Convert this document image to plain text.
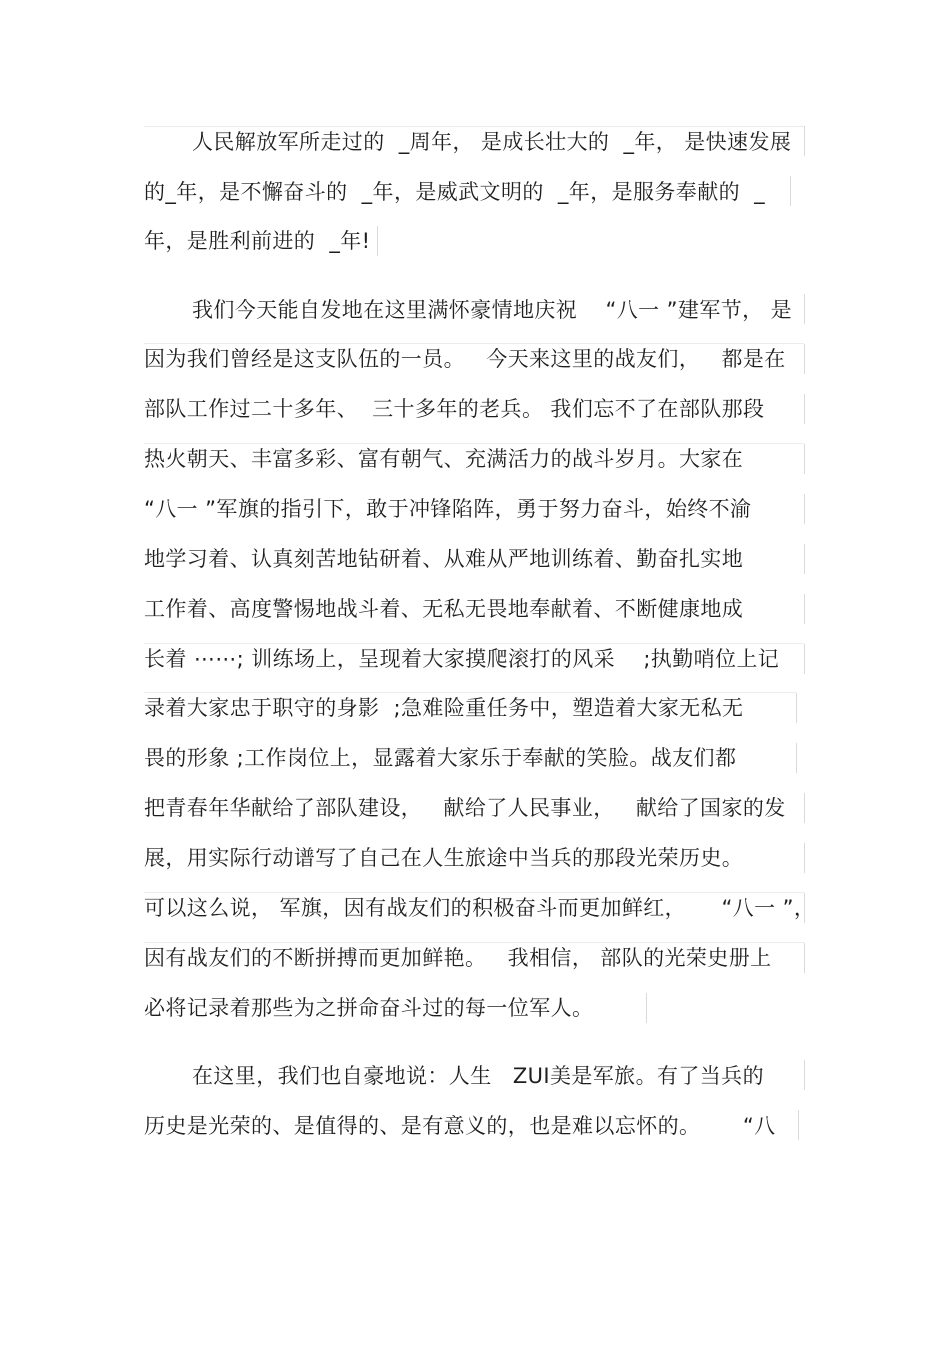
人民解放军所走过的  _周年， 是成长壮大的  _年， 是快速发展
的_年，是不懈奋斗的  _年，是威武文明的  _年，是服务奉献的  _
年，是胜利前进的  _年!
我们今天能自发地在这里满怀豪情地庆祝    “八一 ”建军节， 是
因为我们曾经是这支队伍的一员。   今天来这里的战友们，   都是在
部队工作过二十多年、  三十多年的老兵。 我们忘不了在部队那段
热火朝天、丰富多彩、富有朝气、充满活力的战斗岁月。大家在
“八一 ”军旗的指引下，敢于冲锋陷阵，勇于努力奋斗，始终不渝
地学习着、认真刻苦地钻研着、从难从严地训练着、勤奋扎实地
工作着、高度警惕地战斗着、无私无畏地奉献着、不断健康地成
长着 ⋯⋯; 训练场上，呈现着大家摸爬滚打的风采    ;执勤哨位上记
录着大家忠于职守的身影  ;急难险重任务中，塑造着大家无私无
畏的形象 ;工作岗位上，显露着大家乐于奉献的笑脸。战友们都
把青春年华献给了部队建设，   献给了人民事业，   献给了国家的发
展，用实际行动谱写了自己在人生旅途中当兵的那段光荣历史。
可以这么说， 军旗，因有战友们的积极奋斗而更加鲜红，     “八一 ”，
因有战友们的不断拼搏而更加鲜艳。   我相信， 部队的光荣史册上
必将记录着那些为之拼命奋斗过的每一位军人。
在这里，我们也自豪地说：人生   ZUI美是军旅。有了当兵的
历史是光荣的、是值得的、是有意义的，也是难以忘怀的。      “八
